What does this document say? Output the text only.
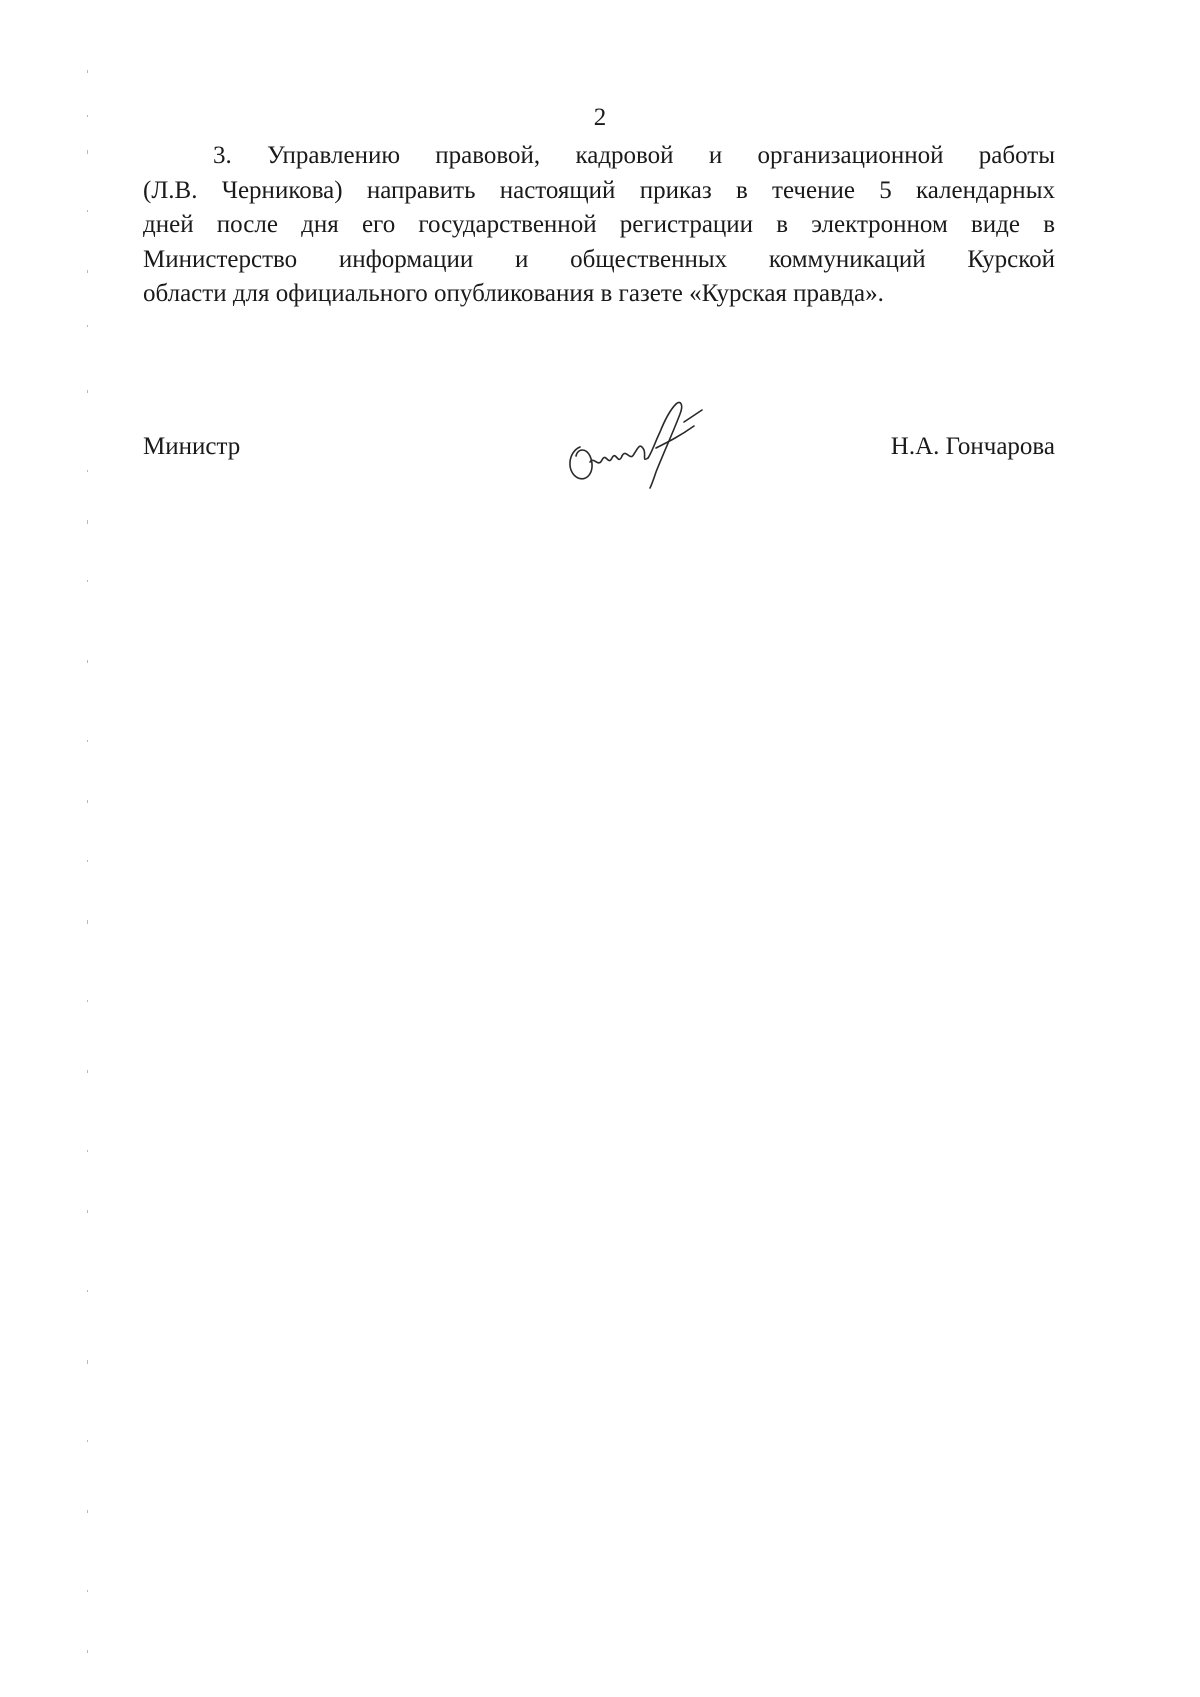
2
3. Управлению правовой, кадровой и организационной работы
(Л.В. Черникова) направить настоящий приказ в течение 5 календарных
дней после дня его государственной регистрации в электронном виде в
Министерство информации и общественных коммуникаций Курской
области для официального опубликования в газете «Курская правда».
Министр	Н.А. Гончарова
